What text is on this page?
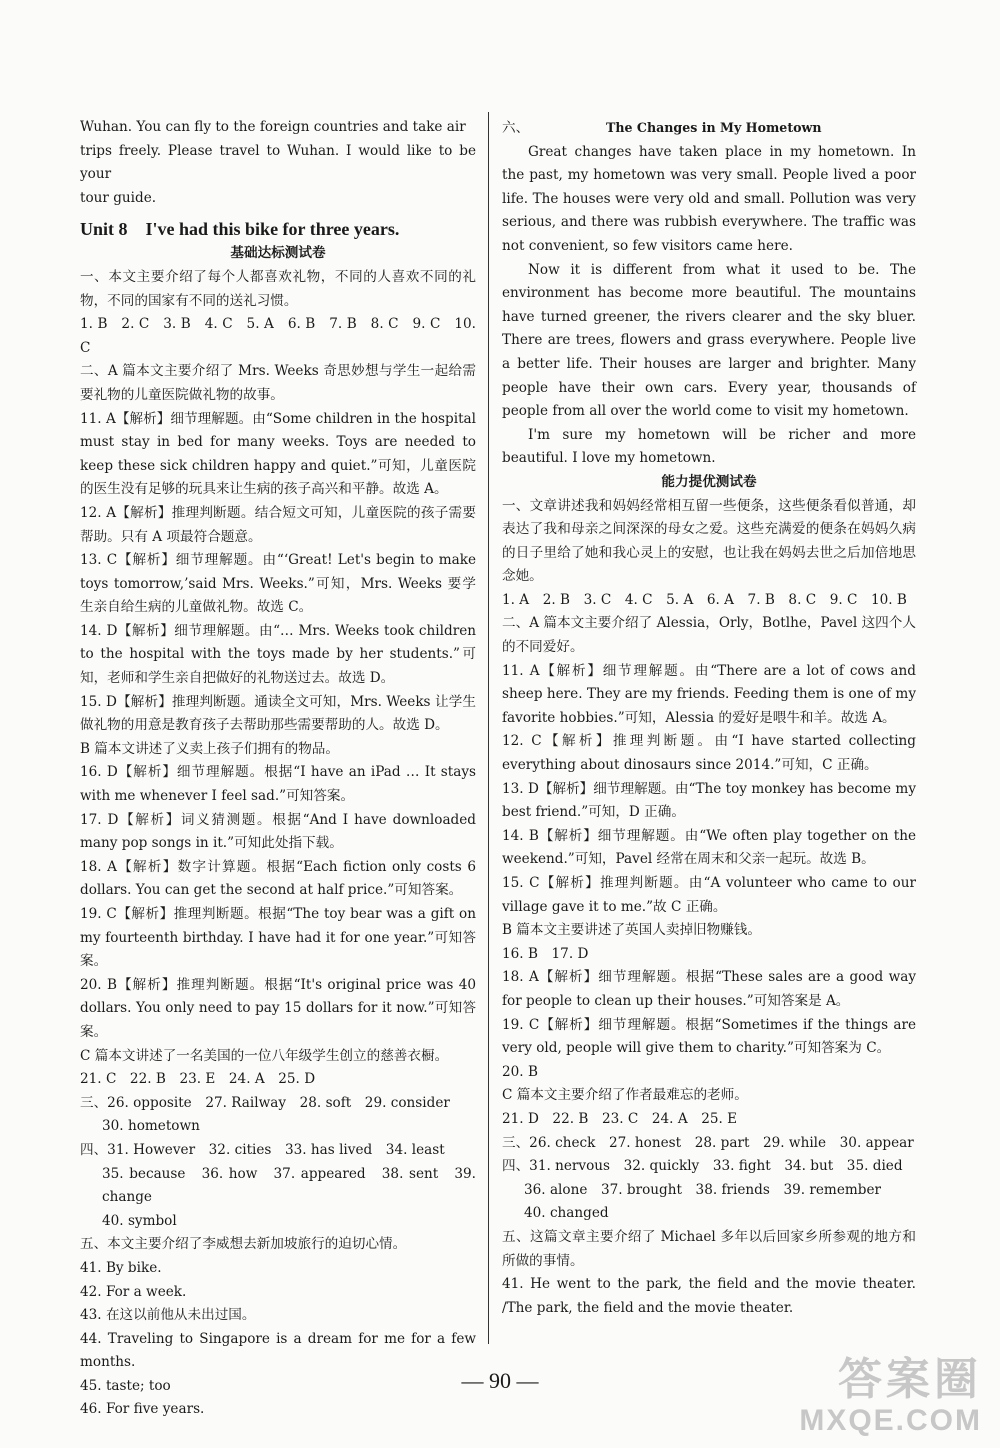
Wuhan. You can fly to the foreign countries and take air

trips freely. Please travel to Wuhan. I would like to be your

tour guide.

Unit 8 I've had this bike for three years.

基础达标测试卷

一、本文主要介绍了每个人都喜欢礼物，不同的人喜欢不同的礼物，不同的国家有不同的送礼习惯。

1. B　2. C　3. B　4. C　5. A　6. B　7. B　8. C　9. C　10. C

二、A 篇本文主要介绍了 Mrs. Weeks 奇思妙想与学生一起给需要礼物的儿童医院做礼物的故事。

11. A【解析】细节理解题。由“Some children in the hospital must stay in bed for many weeks. Toys are needed to keep these sick children happy and quiet.”可知，儿童医院的医生没有足够的玩具来让生病的孩子高兴和平静。故选 A。

12. A【解析】推理判断题。结合短文可知，儿童医院的孩子需要帮助。只有 A 项最符合题意。

13. C【解析】细节理解题。由“‘Great! Let's begin to make toys tomorrow,’said Mrs. Weeks.”可知，Mrs. Weeks 要学生亲自给生病的儿童做礼物。故选 C。

14. D【解析】细节理解题。由“… Mrs. Weeks took children to the hospital with the toys made by her students.”可知，老师和学生亲自把做好的礼物送过去。故选 D。

15. D【解析】推理判断题。通读全文可知，Mrs. Weeks 让学生做礼物的用意是教育孩子去帮助那些需要帮助的人。故选 D。

B 篇本文讲述了义卖上孩子们拥有的物品。

16. D【解析】细节理解题。根据“I have an iPad … It stays with me whenever I feel sad.”可知答案。

17. D【解析】词义猜测题。根据“And I have downloaded many pop songs in it.”可知此处指下载。

18. A【解析】数字计算题。根据“Each fiction only costs 6 dollars. You can get the second at half price.”可知答案。

19. C【解析】推理判断题。根据“The toy bear was a gift on my fourteenth birthday. I have had it for one year.”可知答案。

20. B【解析】推理判断题。根据“It's original price was 40 dollars. You only need to pay 15 dollars for it now.”可知答案。

C 篇本文讲述了一名美国的一位八年级学生创立的慈善衣橱。

21. C　22. B　23. E　24. A　25. D

三、26. opposite　27. Railway　28. soft　29. consider

30. hometown

四、31. However　32. cities　33. has lived　34. least

35. because　36. how　37. appeared　38. sent　39. change

40. symbol

五、本文主要介绍了李威想去新加坡旅行的迫切心情。

41. By bike.

42. For a week.

43. 在这以前他从未出过国。

44. Traveling to Singapore is a dream for me for a few months.

45. taste; too

46. For five years.

六、	The Changes in My Hometown

Great changes have taken place in my hometown. In the past, my hometown was very small. People lived a poor life. The houses were very old and small. Pollution was very serious, and there was rubbish everywhere. The traffic was not convenient, so few visitors came here.

Now it is different from what it used to be. The environment has become more beautiful. The mountains have turned greener, the rivers clearer and the sky bluer. There are trees, flowers and grass everywhere. People live a better life. Their houses are larger and brighter. Many people have their own cars. Every year, thousands of people from all over the world come to visit my hometown.

I'm sure my hometown will be richer and more beautiful. I love my hometown.

能力提优测试卷

一、文章讲述我和妈妈经常相互留一些便条，这些便条看似普通，却表达了我和母亲之间深深的母女之爱。这些充满爱的便条在妈妈久病的日子里给了她和我心灵上的安慰，也让我在妈妈去世之后加倍地思念她。

1. A　2. B　3. C　4. C　5. A　6. A　7. B　8. C　9. C　10. B

二、A 篇本文主要介绍了 Alessia，Orly，Botlhe，Pavel 这四个人的不同爱好。

11. A【解析】细节理解题。由“There are a lot of cows and sheep here. They are my friends. Feeding them is one of my favorite hobbies.”可知，Alessia 的爱好是喂牛和羊。故选 A。

12. C【解析】推理判断题。由“I have started collecting everything about dinosaurs since 2014.”可知，C 正确。

13. D【解析】细节理解题。由“The toy monkey has become my best friend.”可知，D 正确。

14. B【解析】细节理解题。由“We often play together on the weekend.”可知，Pavel 经常在周末和父亲一起玩。故选 B。

15. C【解析】推理判断题。由“A volunteer who came to our village gave it to me.”故 C 正确。

B 篇本文主要讲述了英国人卖掉旧物赚钱。

16. B　17. D

18. A【解析】细节理解题。根据“These sales are a good way for people to clean up their houses.”可知答案是 A。

19. C【解析】细节理解题。根据“Sometimes if the things are very old, people will give them to charity.”可知答案为 C。

20. B

C 篇本文主要介绍了作者最难忘的老师。

21. D　22. B　23. C　24. A　25. E

三、26. check　27. honest　28. part　29. while　30. appear

四、31. nervous　32. quickly　33. fight　34. but　35. died

36. alone　37. brought　38. friends　39. remember

40. changed

五、这篇文章主要介绍了 Michael 多年以后回家乡所参观的地方和所做的事情。

41. He went to the park, the field and the movie theater. /The park, the field and the movie theater.

— 90 —	答案圈
MXQE.COM
